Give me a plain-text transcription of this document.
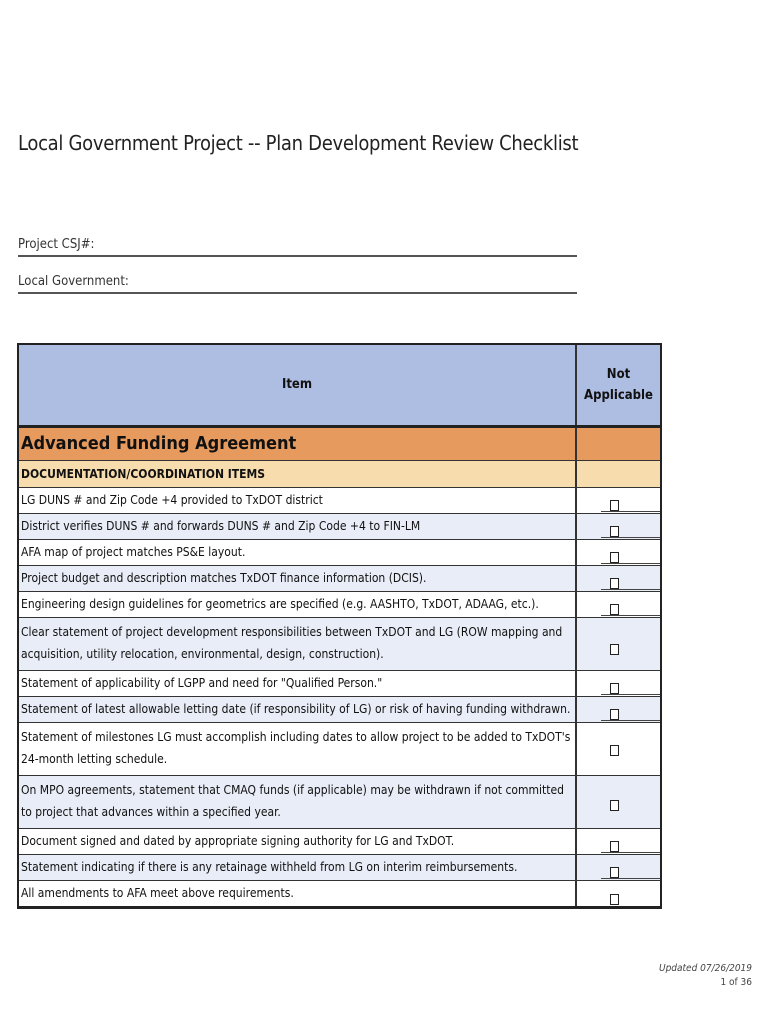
Local Government Project -- Plan Development Review Checklist
Project CSJ#:
Local Government:
Item
Not Applicable
Advanced Funding Agreement
DOCUMENTATION/COORDINATION ITEMS
LG DUNS # and Zip Code +4 provided to TxDOT district
District verifies DUNS # and forwards DUNS # and Zip Code +4 to FIN-LM
AFA map of project matches PS&E layout.
Project budget and description matches TxDOT finance information (DCIS).
Engineering design guidelines for geometrics are specified (e.g. AASHTO, TxDOT, ADAAG, etc.).
Clear statement of project development responsibilities between TxDOT and LG (ROW mapping and acquisition, utility relocation, environmental, design, construction).
Statement of applicability of LGPP and need for "Qualified Person."
Statement of latest allowable letting date (if responsibility of LG) or risk of having funding withdrawn.
Statement of milestones LG must accomplish including dates to allow project to be added to TxDOT's 24-month letting schedule.
On MPO agreements, statement that CMAQ funds (if applicable) may be withdrawn if not committed to project that advances within a specified year.
Document signed and dated by appropriate signing authority for LG and TxDOT.
Statement indicating if there is any retainage withheld from LG on interim reimbursements.
All amendments to AFA meet above requirements.
Updated 07/26/2019
1 of 36
